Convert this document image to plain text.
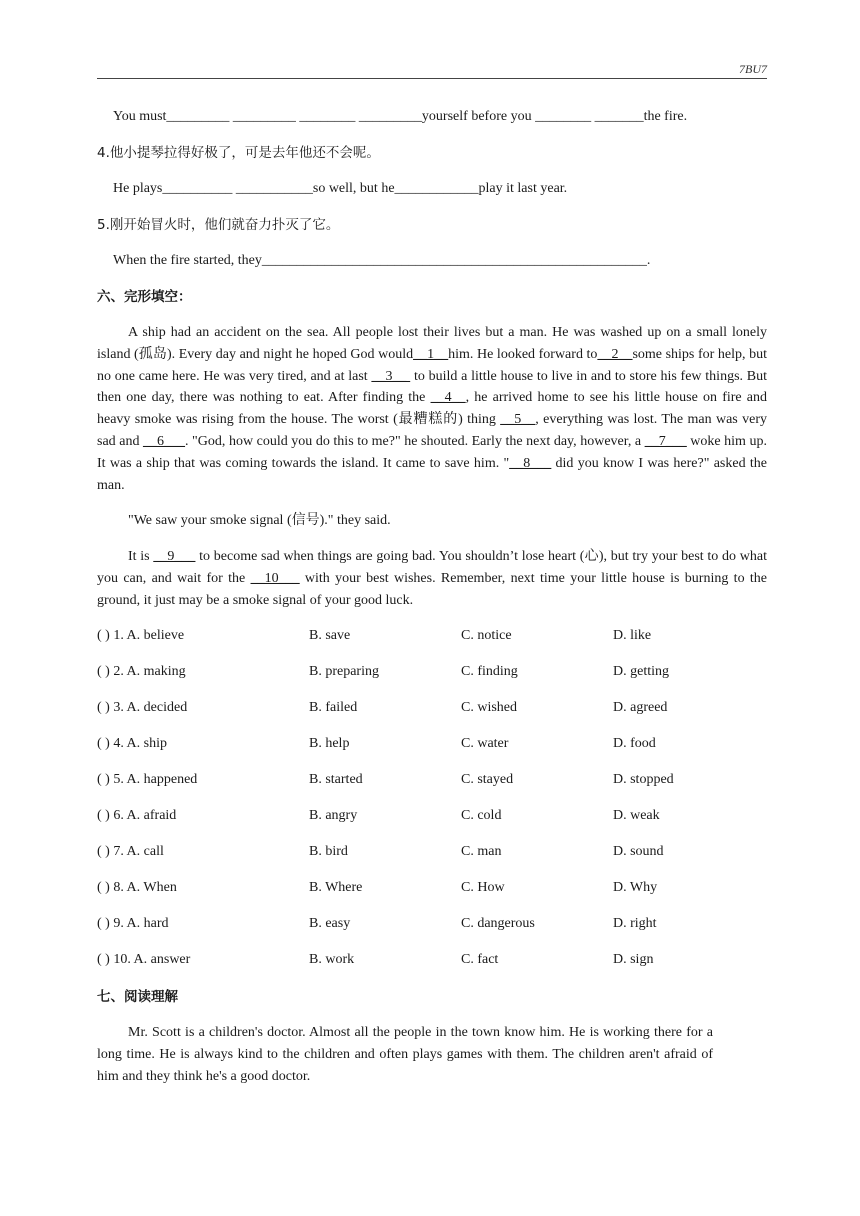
7BU7
You must_________ _________ ________ _________yourself before you ________ _______the fire.
4.他小提琴拉得好极了，可是去年他还不会呢。
He plays__________ ___________so well, but he____________play it last year.
5.刚开始冒火时，他们就奋力扑灭了它。
When the fire started, they_______________________________________________________.
六、完形填空：
A ship had an accident on the sea. All people lost their lives but a man. He was washed up on a small lonely island (孤岛). Every day and night he hoped God would__1__him. He looked forward to__2__some ships for help, but no one came here. He was very tired, and at last __3__  to build a little house to live in and to store his few things. But then one day, there was nothing to eat. After finding the __4__, he arrived home to see his little house on fire and heavy smoke was rising from the house. The worst (最糟糕的) thing __5__, everything was lost. The man was very sad and __6___. "God, how could you do this to me?" he shouted. Early the next day, however, a __7___ woke him up. It was a ship that was coming towards the island. It came to save him. "__8___ did you know I was here?" asked the man.
"We saw your smoke signal (信号)." they said.
It is __9___ to become sad when things are going bad. You shouldn’t lose heart (心), but try your best to do what you can, and wait for the __10___ with your best wishes. Remember, next time your little house is burning to the ground, it just may be a smoke signal of your good luck.
( ) 1. A. believe	B. save	C. notice	D. like
( ) 2. A. making	B. preparing	C. finding	D. getting
( ) 3. A. decided	B. failed	C. wished	D. agreed
( ) 4. A. ship	B. help	C. water	D. food
( ) 5. A. happened	B. started	C. stayed	D. stopped
( ) 6. A. afraid	B. angry	C. cold	D. weak
( ) 7. A. call	B. bird	C. man	D. sound
( ) 8. A. When	B. Where	C. How	D. Why
( ) 9. A. hard	B. easy	C. dangerous	D. right
( ) 10. A. answer	B. work	C. fact	D. sign
七、阅读理解
Mr. Scott is a children's doctor. Almost all the people in the town know him. He is working there for a long time. He is always kind to the children and often plays games with them. The children aren't afraid of him and they think he's a good doctor.
